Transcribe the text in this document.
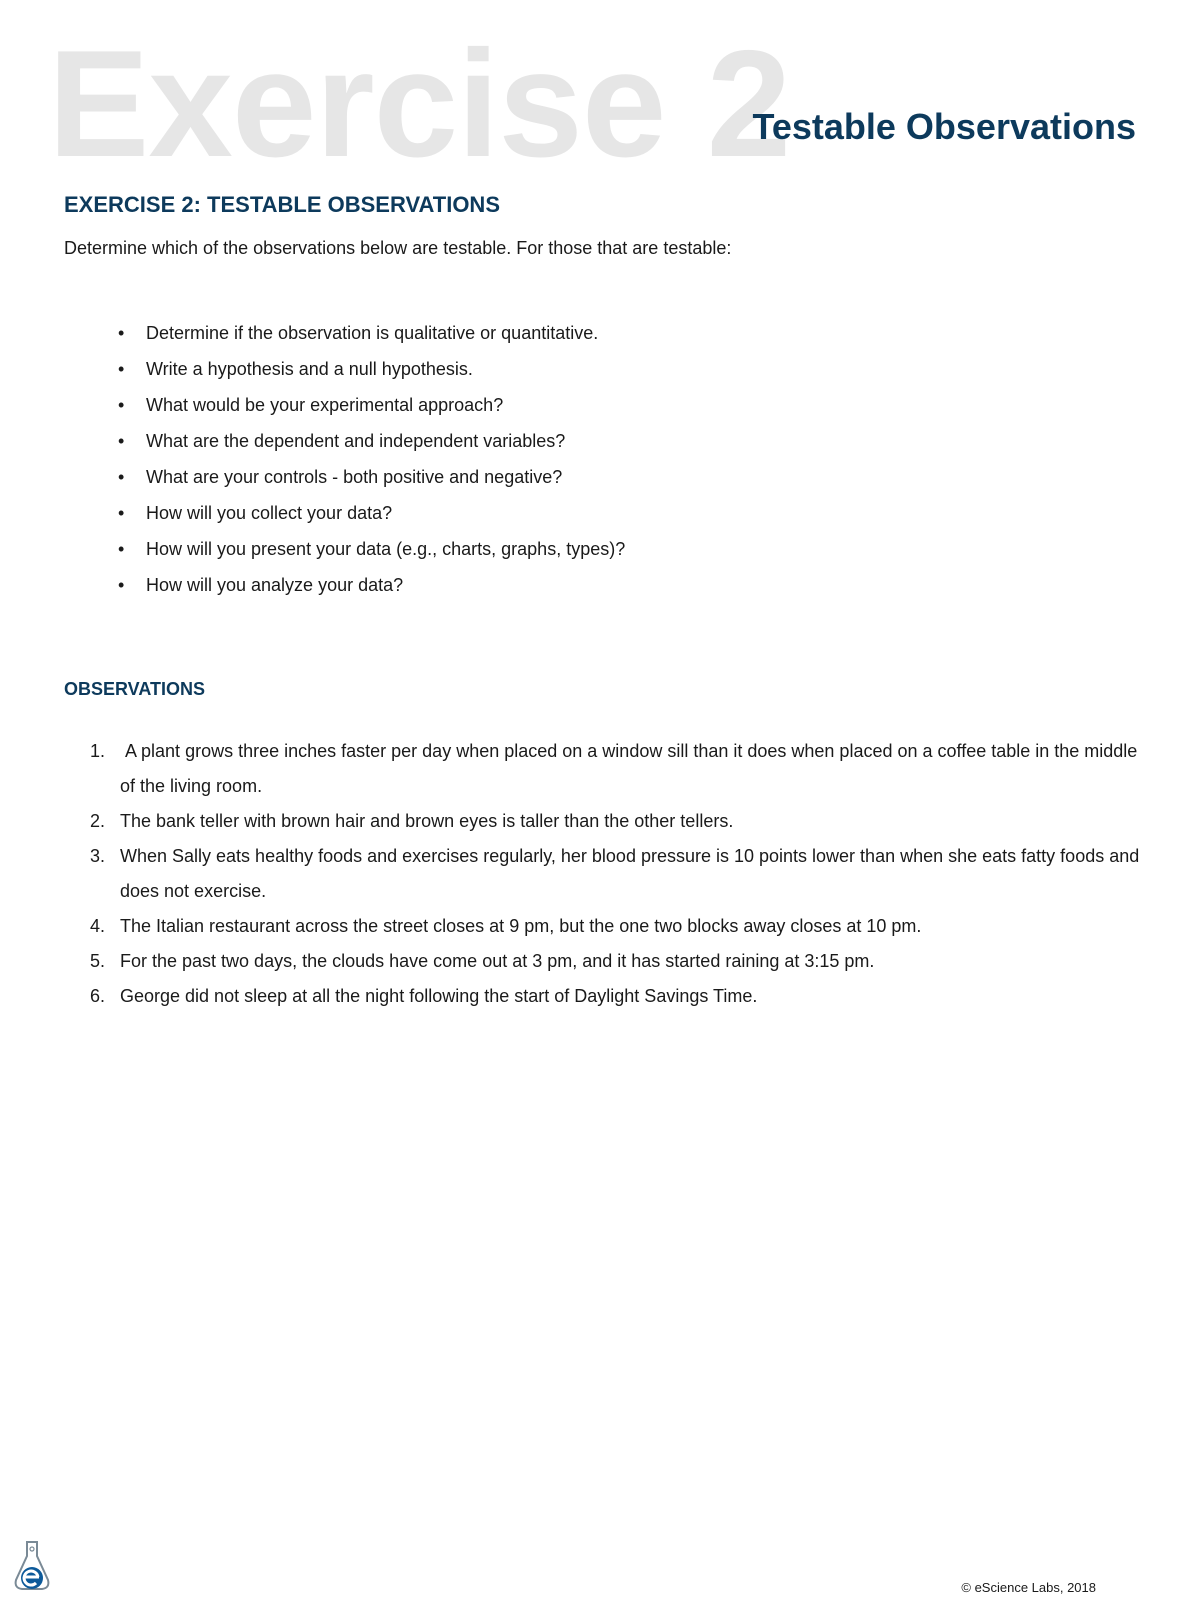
Exercise 2
Testable Observations
EXERCISE 2: TESTABLE OBSERVATIONS
Determine which of the observations below are testable. For those that are testable:
• Determine if the observation is qualitative or quantitative.
• Write a hypothesis and a null hypothesis.
• What would be your experimental approach?
• What are the dependent and independent variables?
• What are your controls - both positive and negative?
• How will you collect your data?
• How will you present your data (e.g., charts, graphs, types)?
• How will you analyze your data?
OBSERVATIONS
1. A plant grows three inches faster per day when placed on a window sill than it does when placed on a coffee table in the middle of the living room.
2. The bank teller with brown hair and brown eyes is taller than the other tellers.
3. When Sally eats healthy foods and exercises regularly, her blood pressure is 10 points lower than when she eats fatty foods and does not exercise.
4. The Italian restaurant across the street closes at 9 pm, but the one two blocks away closes at 10 pm.
5. For the past two days, the clouds have come out at 3 pm, and it has started raining at 3:15 pm.
6. George did not sleep at all the night following the start of Daylight Savings Time.
© eScience Labs, 2018
